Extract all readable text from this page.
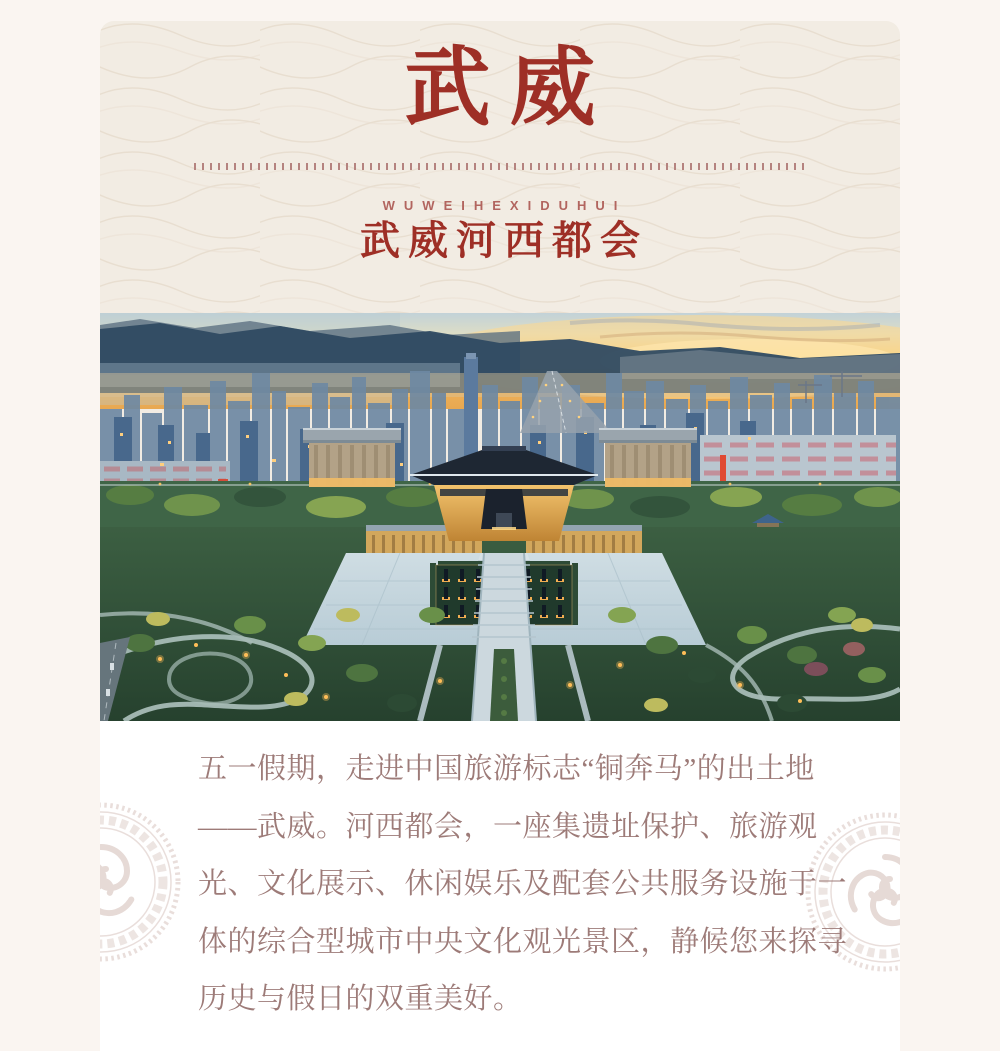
武威
WUWEIHEXIDUHUI
武威河西都会
五一假期，走进中国旅游标志“铜奔马”的出土地
——武威。河西都会，一座集遗址保护、旅游观
光、文化展示、休闲娱乐及配套公共服务设施于一
体的综合型城市中央文化观光景区，静候您来探寻
历史与假日的双重美好。
